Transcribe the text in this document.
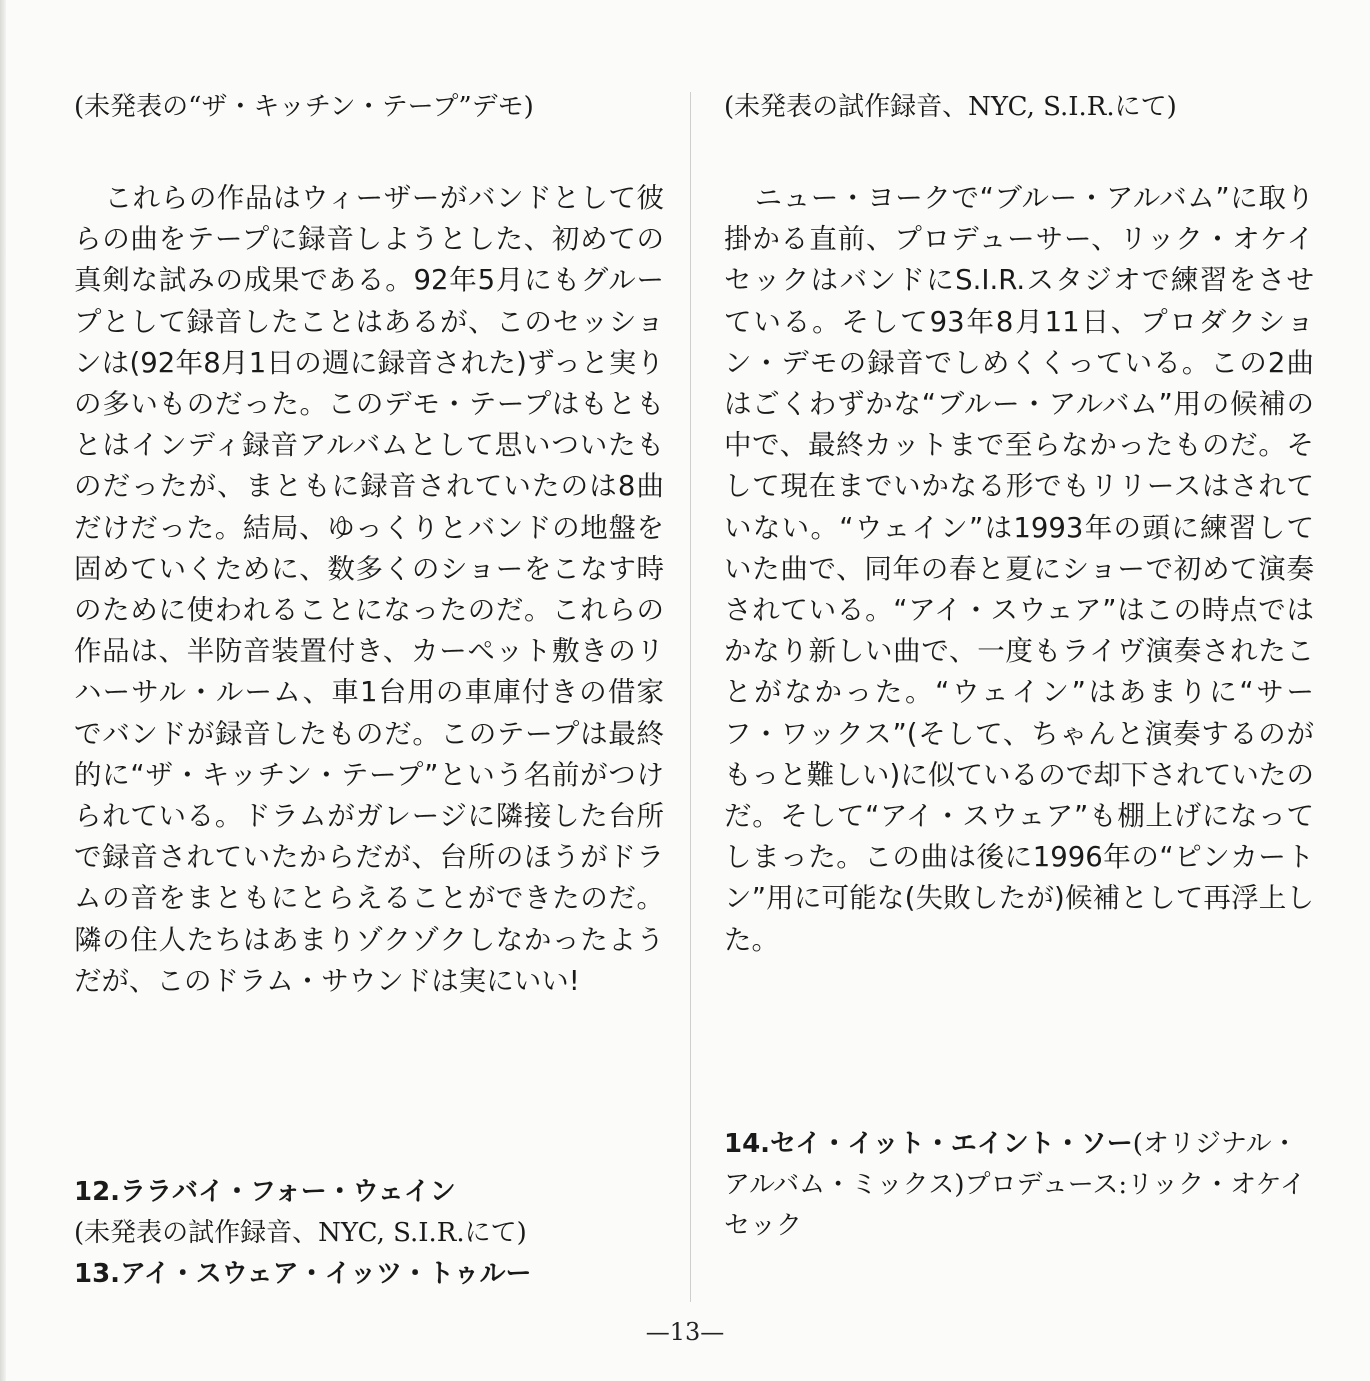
(未発表の“ザ・キッチン・テープ”デモ)

これらの作品はウィーザーがバンドとして彼らの曲をテープに録音しようとした、初めての真剣な試みの成果である。92年5月にもグループとして録音したことはあるが、このセッションは(92年8月1日の週に録音された)ずっと実りの多いものだった。このデモ・テープはもともとはインディ録音アルバムとして思いついたものだったが、まともに録音されていたのは8曲だけだった。結局、ゆっくりとバンドの地盤を固めていくために、数多くのショーをこなす時のために使われることになったのだ。これらの作品は、半防音装置付き、カーペット敷きのリハーサル・ルーム、車1台用の車庫付きの借家でバンドが録音したものだ。このテープは最終的に“ザ・キッチン・テープ”という名前がつけられている。ドラムがガレージに隣接した台所で録音されていたからだが、台所のほうがドラムの音をまともにとらえることができたのだ。隣の住人たちはあまりゾクゾクしなかったようだが、このドラム・サウンドは実にいい!

12.ララバイ・フォー・ウェイン
(未発表の試作録音、NYC, S.I.R.にて)
13.アイ・スウェア・イッツ・トゥルー

(未発表の試作録音、NYC, S.I.R.にて)

ニュー・ヨークで“ブルー・アルバム”に取り掛かる直前、プロデューサー、リック・オケイセックはバンドにS.I.R.スタジオで練習をさせている。そして93年8月11日、プロダクション・デモの録音でしめくくっている。この2曲はごくわずかな“ブルー・アルバム”用の候補の中で、最終カットまで至らなかったものだ。そして現在までいかなる形でもリリースはされていない。“ウェイン”は1993年の頭に練習していた曲で、同年の春と夏にショーで初めて演奏されている。“アイ・スウェア”はこの時点ではかなり新しい曲で、一度もライヴ演奏されたことがなかった。“ウェイン”はあまりに“サーフ・ワックス”(そして、ちゃんと演奏するのがもっと難しい)に似ているので却下されていたのだ。そして“アイ・スウェア”も棚上げになってしまった。この曲は後に1996年の“ピンカートン”用に可能な(失敗したが)候補として再浮上した。

14.セイ・イット・エイント・ソー(オリジナル・アルバム・ミックス)プロデュース:リック・オケイセック
—13—
